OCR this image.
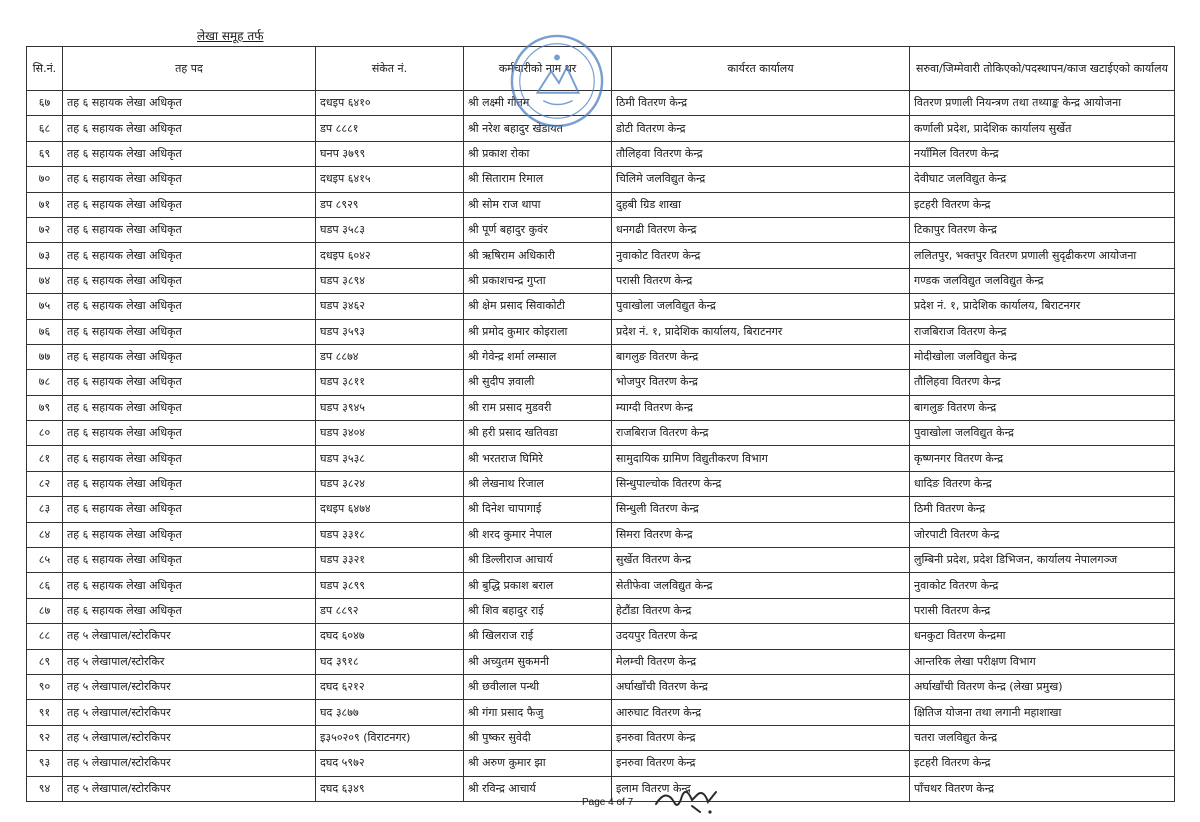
लेखा समूह तर्फ
सि.नं.	तह पद	संकेत नं.	कर्मचारीको नाम थर	कार्यरत कार्यालय	सरुवा/जिम्मेवारी तोकिएको/पदस्थापन/काज खटाईएको कार्यालय
६७	तह ६ सहायक लेखा अधिकृत	दधइप ६४१०	श्री लक्ष्मी गौतम	ठिमी वितरण केन्द्र	वितरण प्रणाली नियन्त्रण तथा तथ्याङ्क केन्द्र आयोजना
६८	तह ६ सहायक लेखा अधिकृत	डप ८८८१	श्री नरेश बहादुर खेडायत	डोटी वितरण केन्द्र	कर्णाली प्रदेश, प्रादेशिक कार्यालय सुर्खेत
६९	तह ६ सहायक लेखा अधिकृत	घनप ३७९९	श्री प्रकाश रोका	तौलिहवा वितरण केन्द्र	नयाँमिल वितरण केन्द्र
७०	तह ६ सहायक लेखा अधिकृत	दधइप ६४१५	श्री सिताराम रिमाल	चिलिमे जलविद्युत केन्द्र	देवीघाट जलविद्युत केन्द्र
७१	तह ६ सहायक लेखा अधिकृत	डप ८९२९	श्री सोम राज थापा	दुहबी ग्रिड शाखा	इटहरी वितरण केन्द्र
७२	तह ६ सहायक लेखा अधिकृत	घडप ३५८३	श्री पूर्ण बहादुर कुवंर	धनगढी वितरण केन्द्र	टिकापुर वितरण केन्द्र
७३	तह ६ सहायक लेखा अधिकृत	दधइप ६०४२	श्री ऋषिराम अधिकारी	नुवाकोट वितरण केन्द्र	ललितपुर, भक्तपुर वितरण प्रणाली सुदृढीकरण आयोजना
७४	तह ६ सहायक लेखा अधिकृत	घडप ३८९४	श्री प्रकाशचन्द्र गुप्ता	परासी वितरण केन्द्र	गण्डक जलविद्युत जलविद्युत केन्द्र
७५	तह ६ सहायक लेखा अधिकृत	घडप ३४६२	श्री क्षेम प्रसाद सिवाकोटी	पुवाखोला जलविद्युत केन्द्र	प्रदेश नं. १, प्रादेशिक कार्यालय, बिराटनगर
७६	तह ६ सहायक लेखा अधिकृत	घडप ३५९३	श्री प्रमोद कुमार कोइराला	प्रदेश नं. १, प्रादेशिक कार्यालय, बिराटनगर	राजबिराज वितरण केन्द्र
७७	तह ६ सहायक लेखा अधिकृत	डप ८८७४	श्री गेवेन्द्र शर्मा लम्साल	बागलुङ वितरण केन्द्र	मोदीखोला जलविद्युत केन्द्र
७८	तह ६ सहायक लेखा अधिकृत	घडप ३८११	श्री सुदीप ज्ञवाली	भोजपुर वितरण केन्द्र	तौलिहवा वितरण केन्द्र
७९	तह ६ सहायक लेखा अधिकृत	घडप ३९४५	श्री राम प्रसाद मुडवरी	म्याग्दी वितरण केन्द्र	बागलुङ वितरण केन्द्र
८०	तह ६ सहायक लेखा अधिकृत	घडप ३४०४	श्री हरी प्रसाद खतिवडा	राजबिराज वितरण केन्द्र	पुवाखोला जलविद्युत केन्द्र
८१	तह ६ सहायक लेखा अधिकृत	घडप ३५३८	श्री भरतराज घिमिरे	सामुदायिक ग्रामिण विद्युतीकरण विभाग	कृष्णनगर वितरण केन्द्र
८२	तह ६ सहायक लेखा अधिकृत	घडप ३८२४	श्री लेखनाथ रिजाल	सिन्धुपाल्चोक वितरण केन्द्र	धादिङ वितरण केन्द्र
८३	तह ६ सहायक लेखा अधिकृत	दधइप ६४७४	श्री दिनेश चापागाई	सिन्धुली वितरण केन्द्र	ठिमी वितरण केन्द्र
८४	तह ६ सहायक लेखा अधिकृत	घडप ३३१८	श्री शरद कुमार नेपाल	सिमरा वितरण केन्द्र	जोरपाटी वितरण केन्द्र
८५	तह ६ सहायक लेखा अधिकृत	घडप ३३२१	श्री डिल्लीराज आचार्य	सुर्खेत वितरण केन्द्र	लुम्बिनी प्रदेश, प्रदेश डिभिजन, कार्यालय नेपालगञ्ज
८६	तह ६ सहायक लेखा अधिकृत	घडप ३८९९	श्री बुद्धि प्रकाश बराल	सेतीफेवा जलविद्युत केन्द्र	नुवाकोट वितरण केन्द्र
८७	तह ६ सहायक लेखा अधिकृत	डप ८८९२	श्री शिव बहादुर राई	हेटौंडा वितरण केन्द्र	परासी वितरण केन्द्र
८८	तह ५ लेखापाल/स्टोरकिपर	दघद ६०४७	श्री खिलराज राई	उदयपुर वितरण केन्द्र	धनकुटा वितरण केन्द्रमा
८९	तह ५ लेखापाल/स्टोरकिर	घद ३९१८	श्री अच्युतम सुकमनी	मेलम्ची वितरण केन्द्र	आन्तरिक लेखा परीक्षण विभाग
९०	तह ५ लेखापाल/स्टोरकिपर	दघद ६२१२	श्री छवीलाल पन्थी	अर्घाखाँची वितरण केन्द्र	अर्घाखाँची वितरण केन्द्र (लेखा प्रमुख)
९१	तह ५ लेखापाल/स्टोरकिपर	घद ३८७७	श्री गंगा प्रसाद फैजु	आरुघाट वितरण केन्द्र	क्षितिज योजना तथा लगानी महाशाखा
९२	तह ५ लेखापाल/स्टोरकिपर	इ३५०२०९ (विराटनगर)	श्री पुष्कर सुवेदी	इनरुवा वितरण केन्द्र	चतरा जलविद्युत केन्द्र
९३	तह ५ लेखापाल/स्टोरकिपर	दघद ५९७२	श्री अरुण कुमार झा	इनरुवा वितरण केन्द्र	इटहरी वितरण केन्द्र
९४	तह ५ लेखापाल/स्टोरकिपर	दघद ६३४९	श्री रविन्द्र आचार्य	इलाम वितरण केन्द्र	पाँचथर वितरण केन्द्र
Page 4 of 7
